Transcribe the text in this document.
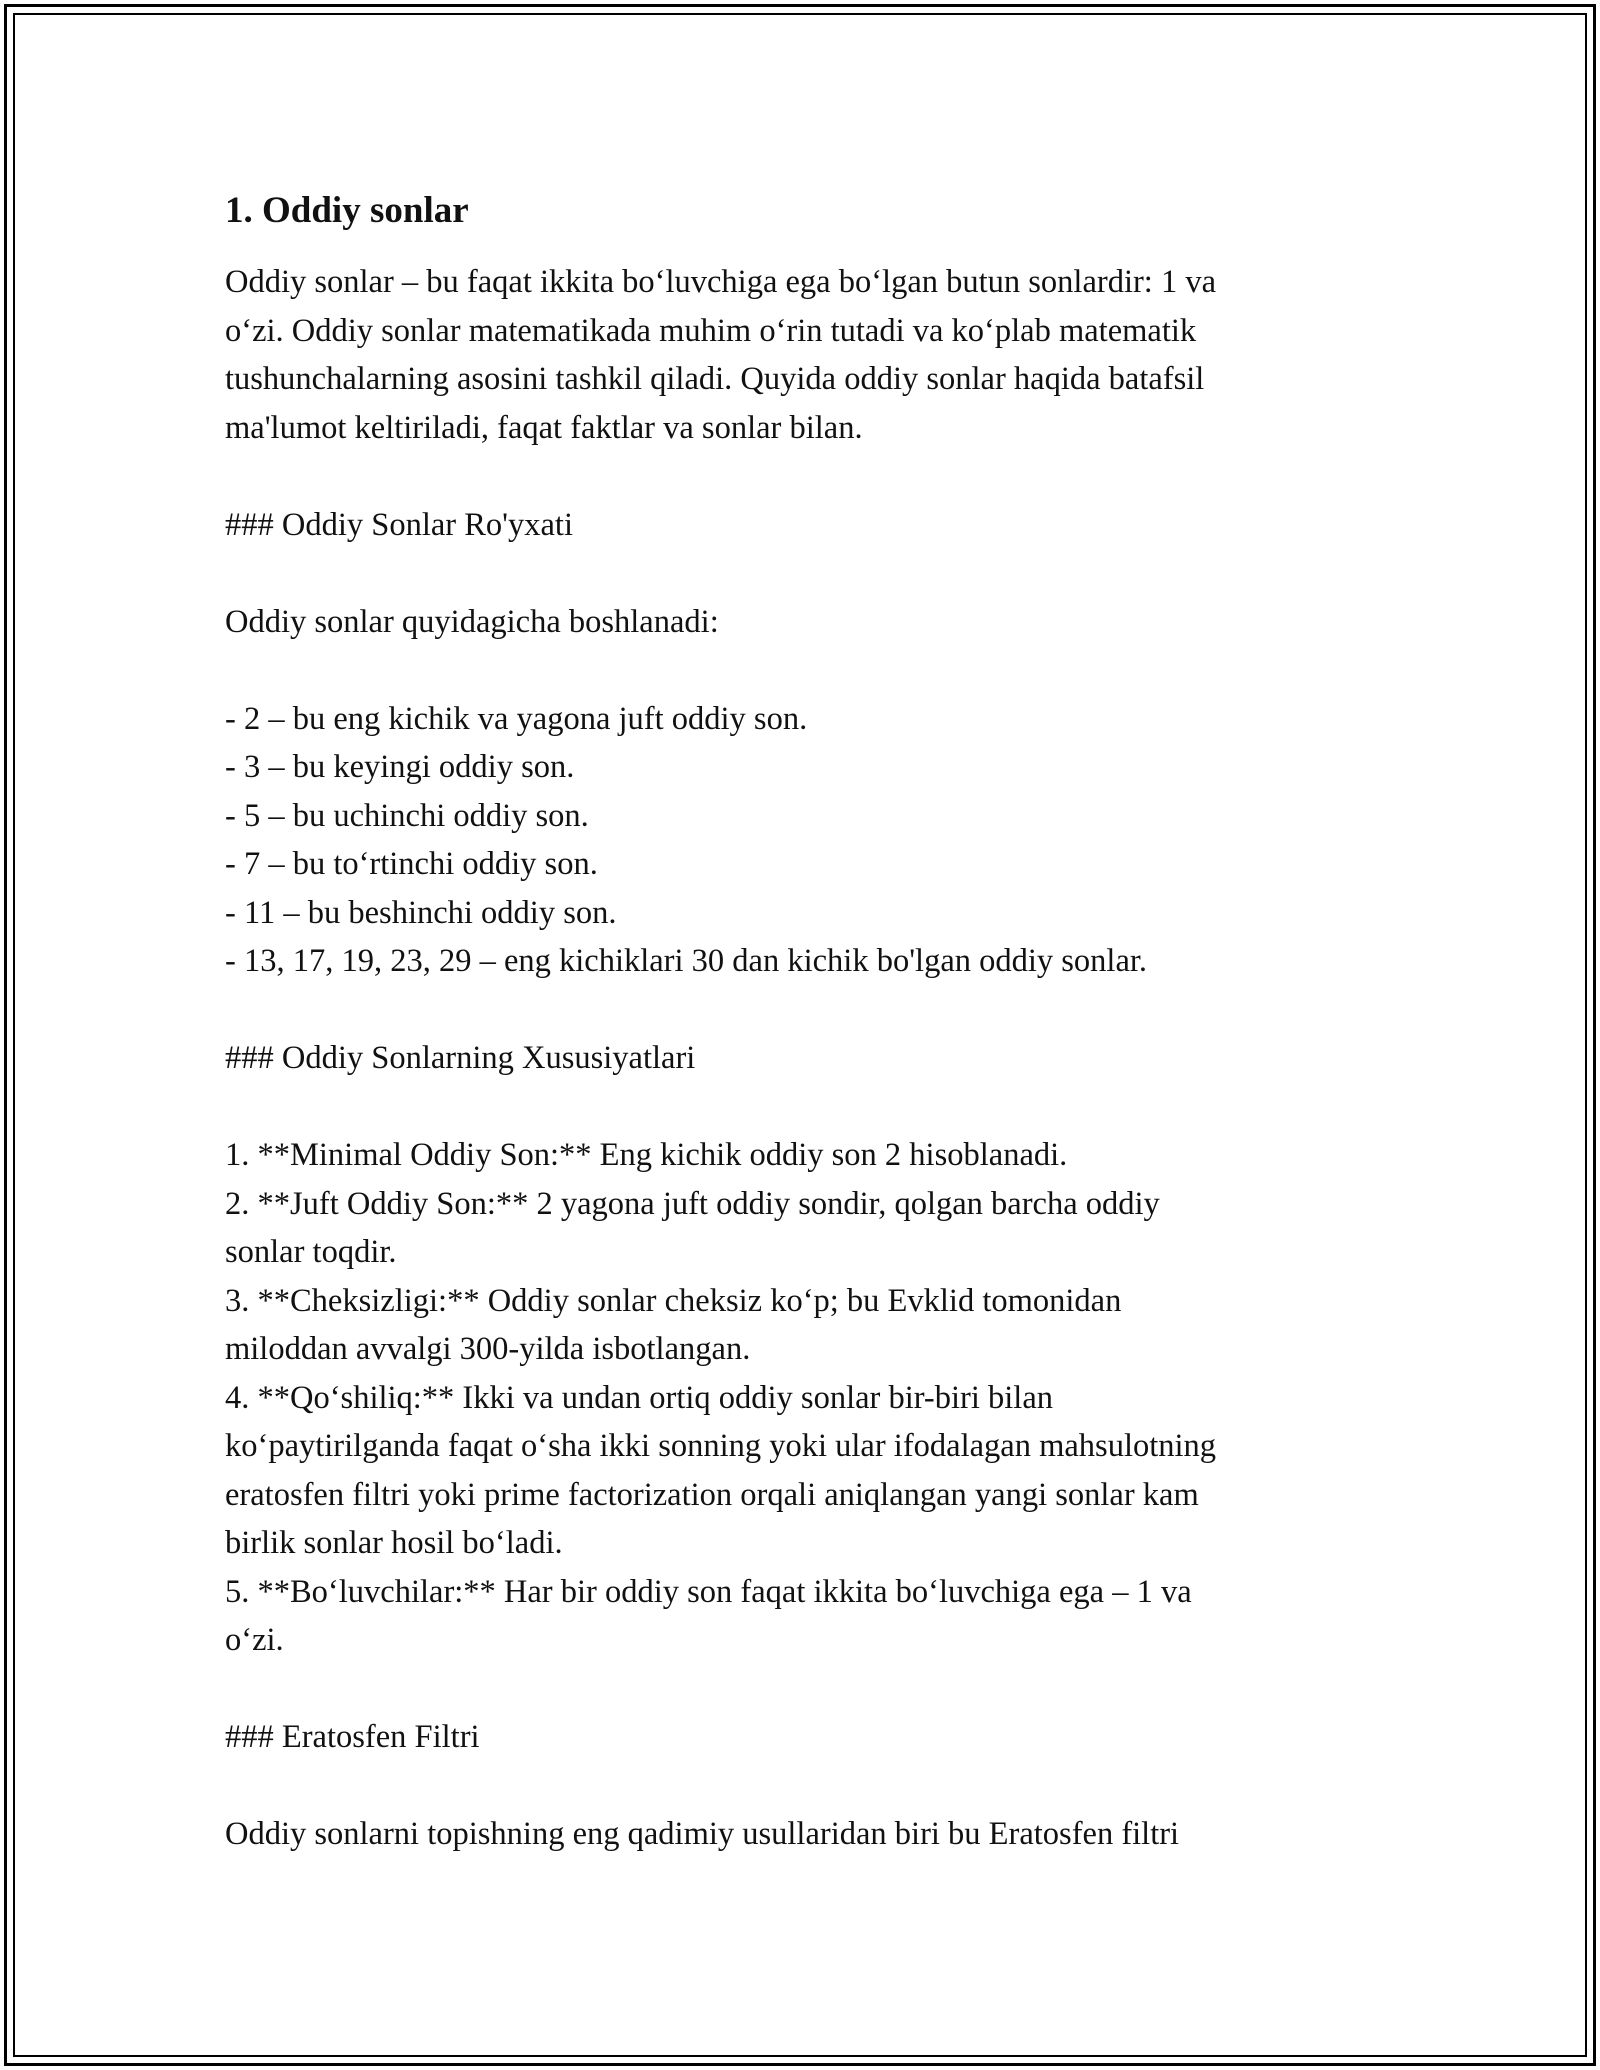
1. Oddiy sonlar

Oddiy sonlar – bu faqat ikkita bo‘luvchiga ega bo‘lgan butun sonlardir: 1 va

o‘zi. Oddiy sonlar matematikada muhim o‘rin tutadi va ko‘plab matematik

tushunchalarning asosini tashkil qiladi. Quyida oddiy sonlar haqida batafsil

ma'lumot keltiriladi, faqat faktlar va sonlar bilan.

### Oddiy Sonlar Ro'yxati

Oddiy sonlar quyidagicha boshlanadi:

- 2 – bu eng kichik va yagona juft oddiy son.

- 3 – bu keyingi oddiy son.

- 5 – bu uchinchi oddiy son.

- 7 – bu to‘rtinchi oddiy son.

- 11 – bu beshinchi oddiy son.

- 13, 17, 19, 23, 29 – eng kichiklari 30 dan kichik bo'lgan oddiy sonlar.

### Oddiy Sonlarning Xususiyatlari

1. **Minimal Oddiy Son:** Eng kichik oddiy son 2 hisoblanadi.

2. **Juft Oddiy Son:** 2 yagona juft oddiy sondir, qolgan barcha oddiy

sonlar toqdir.

3. **Cheksizligi:** Oddiy sonlar cheksiz ko‘p; bu Evklid tomonidan

miloddan avvalgi 300-yilda isbotlangan.

4. **Qo‘shiliq:** Ikki va undan ortiq oddiy sonlar bir-biri bilan

ko‘paytirilganda faqat o‘sha ikki sonning yoki ular ifodalagan mahsulotning

eratosfen filtri yoki prime factorization orqali aniqlangan yangi sonlar kam

birlik sonlar hosil bo‘ladi.

5. **Bo‘luvchilar:** Har bir oddiy son faqat ikkita bo‘luvchiga ega – 1 va

o‘zi.

### Eratosfen Filtri

Oddiy sonlarni topishning eng qadimiy usullaridan biri bu Eratosfen filtri
